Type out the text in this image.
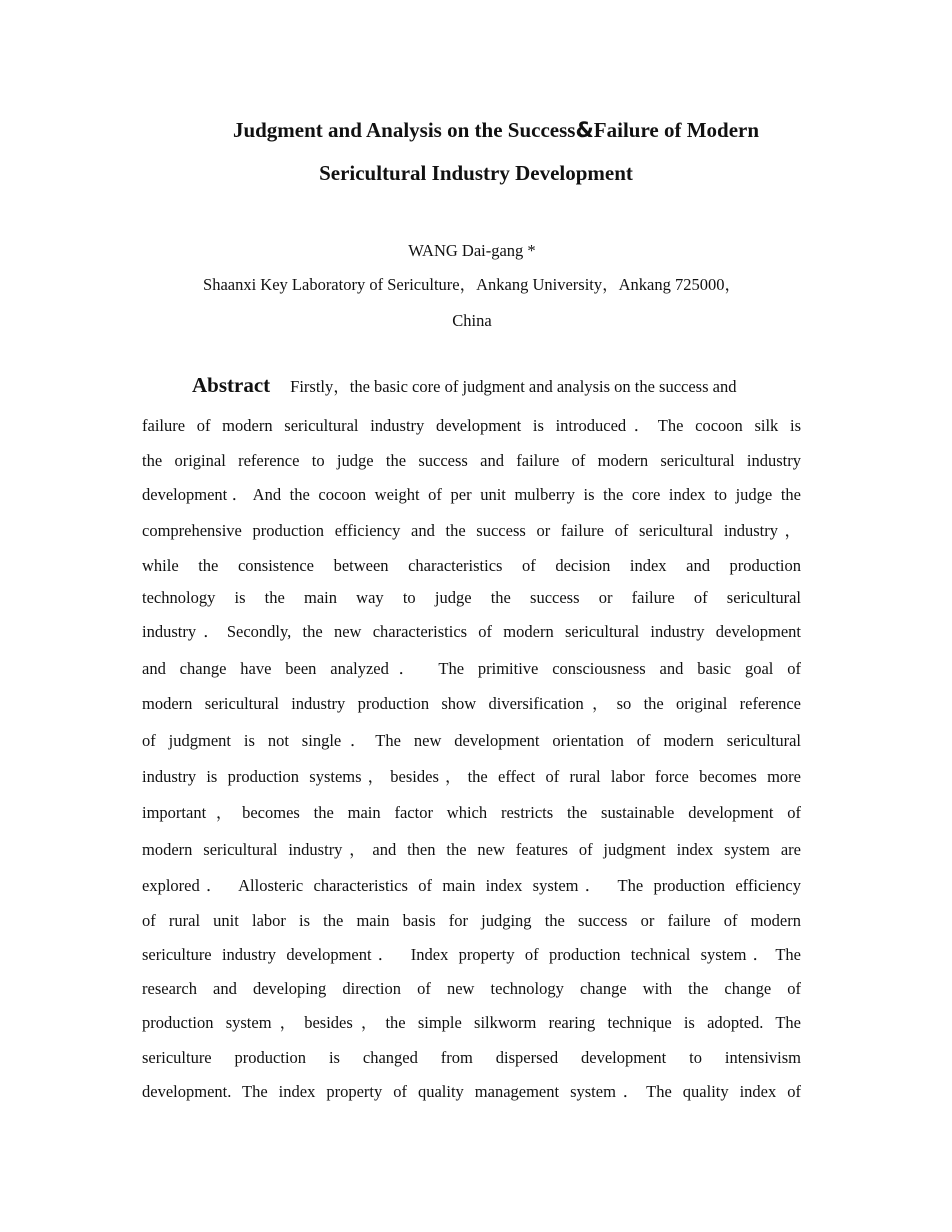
Judgment and Analysis on the Success&Failure of Modern
Sericultural Industry Development
WANG Dai-gang *
Shaanxi Key Laboratory of Sericulture，Ankang University，Ankang 725000，
China
Abstract Firstly，the basic core of judgment and analysis on the success and
failure of modern sericultural industry development is introduced．The cocoon silk is
the original reference to judge the success and failure of modern sericultural industry
development．And the cocoon weight of per unit mulberry is the core index to judge the
comprehensive production efficiency and the success or failure of sericultural industry，
while the consistence between characteristics of decision index and production
technology is the main way to judge the success or failure of sericultural
industry．Secondly, the new characteristics of modern sericultural industry development
and change have been analyzed． The primitive consciousness and basic goal of
modern sericultural industry production show diversification，so the original reference
of judgment is not single．The new development orientation of modern sericultural
industry is production systems，besides，the effect of rural labor force becomes more
important，becomes the main factor which restricts the sustainable development of
modern sericultural industry，and then the new features of judgment index system are
explored． Allosteric characteristics of main index system． The production efficiency
of rural unit labor is the main basis for judging the success or failure of modern
sericulture industry development． Index property of production technical system．The
research and developing direction of new technology change with the change of
production system，besides，the simple silkworm rearing technique is adopted. The
sericulture production is changed from dispersed development to intensivism
development. The index property of quality management system．The quality index of
